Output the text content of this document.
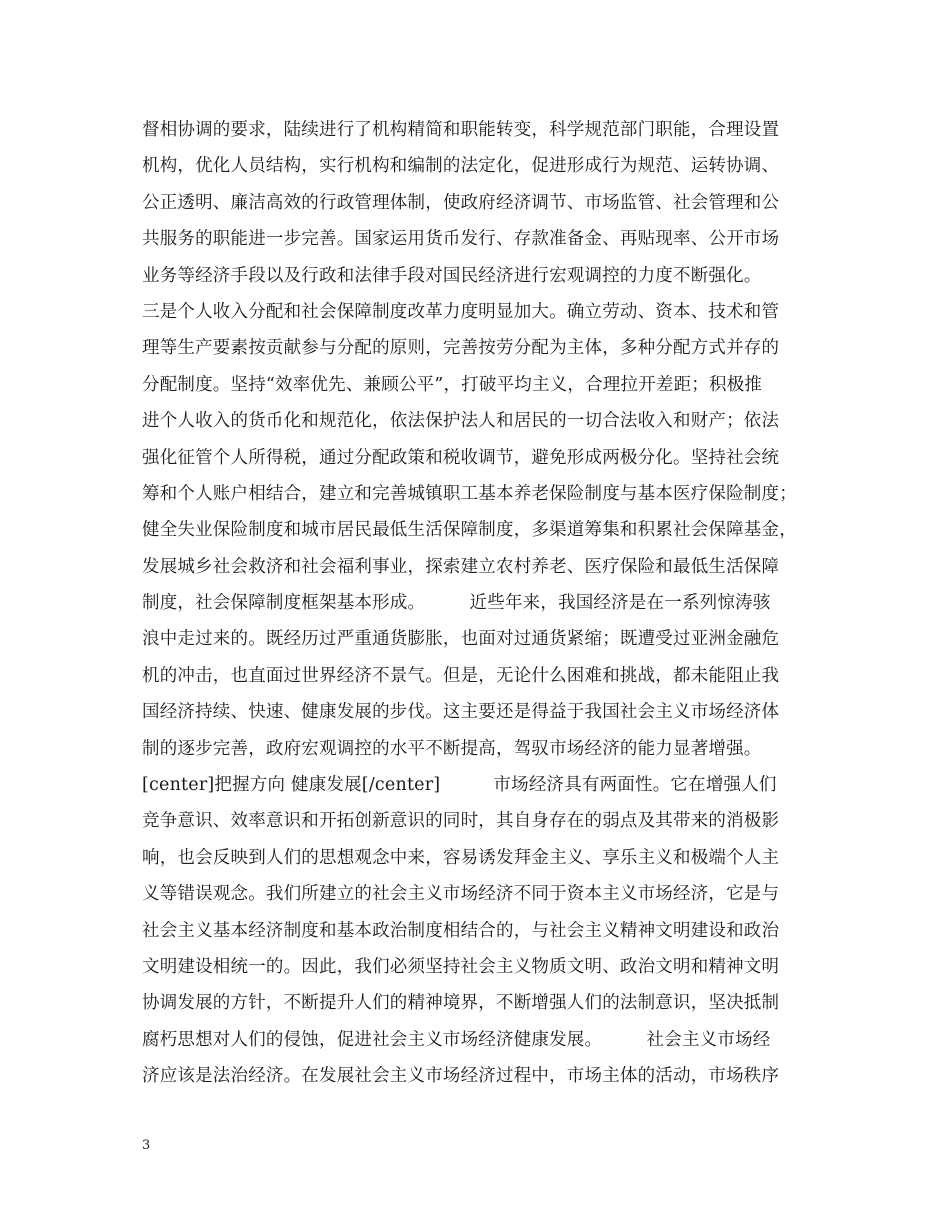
督相协调的要求，陆续进行了机构精简和职能转变，科学规范部门职能，合理设置
机构，优化人员结构，实行机构和编制的法定化，促进形成行为规范、运转协调、
公正透明、廉洁高效的行政管理体制，使政府经济调节、市场监管、社会管理和公
共服务的职能进一步完善。国家运用货币发行、存款准备金、再贴现率、公开市场
业务等经济手段以及行政和法律手段对国民经济进行宏观调控的力度不断强化。
三是个人收入分配和社会保障制度改革力度明显加大。确立劳动、资本、技术和管
理等生产要素按贡献参与分配的原则，完善按劳分配为主体，多种分配方式并存的
分配制度。坚持“效率优先、兼顾公平”，打破平均主义，合理拉开差距；积极推
进个人收入的货币化和规范化，依法保护法人和居民的一切合法收入和财产；依法
强化征管个人所得税，通过分配政策和税收调节，避免形成两极分化。坚持社会统
筹和个人账户相结合，建立和完善城镇职工基本养老保险制度与基本医疗保险制度；
健全失业保险制度和城市居民最低生活保障制度，多渠道筹集和积累社会保障基金，
发展城乡社会救济和社会福利事业，探索建立农村养老、医疗保险和最低生活保障
制度，社会保障制度框架基本形成。　　　近些年来，我国经济是在一系列惊涛骇
浪中走过来的。既经历过严重通货膨胀，也面对过通货紧缩；既遭受过亚洲金融危
机的冲击，也直面过世界经济不景气。但是，无论什么困难和挑战，都未能阻止我
国经济持续、快速、健康发展的步伐。这主要还是得益于我国社会主义市场经济体
制的逐步完善，政府宏观调控的水平不断提高，驾驭市场经济的能力显著增强。
[center]把握方向 健康发展[/center]　　　市场经济具有两面性。它在增强人们
竞争意识、效率意识和开拓创新意识的同时，其自身存在的弱点及其带来的消极影
响，也会反映到人们的思想观念中来，容易诱发拜金主义、享乐主义和极端个人主
义等错误观念。我们所建立的社会主义市场经济不同于资本主义市场经济，它是与
社会主义基本经济制度和基本政治制度相结合的，与社会主义精神文明建设和政治
文明建设相统一的。因此，我们必须坚持社会主义物质文明、政治文明和精神文明
协调发展的方针，不断提升人们的精神境界，不断增强人们的法制意识，坚决抵制
腐朽思想对人们的侵蚀，促进社会主义市场经济健康发展。　　　社会主义市场经
济应该是法治经济。在发展社会主义市场经济过程中，市场主体的活动，市场秩序
3
